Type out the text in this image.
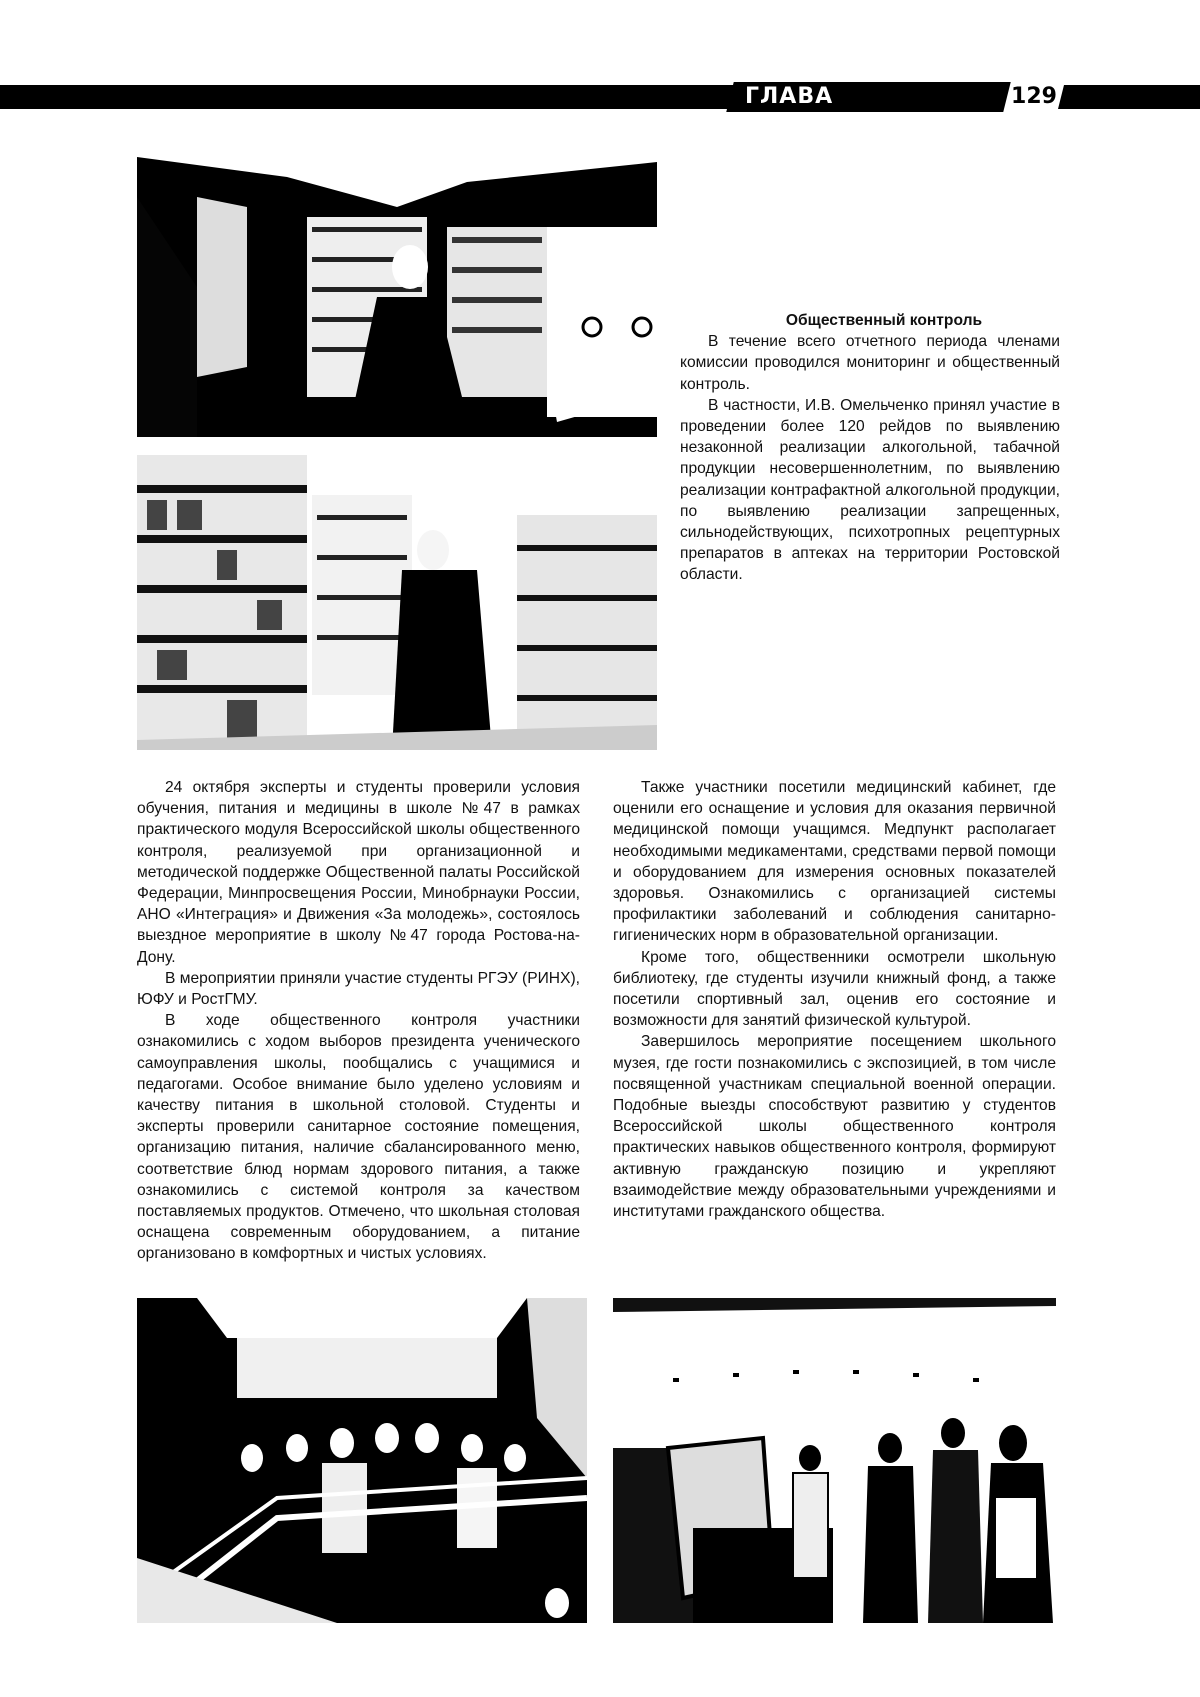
ГЛАВА 7.2
129

Общественный контроль

В течение всего отчетного периода членами комиссии проводился мониторинг и общественный контроль.

В частности, И.В. Омельченко принял участие в проведении более 120 рейдов по выявлению незаконной реализации алкогольной, табачной продукции несовершеннолетним, по выявлению реализации контрафактной алкогольной продукции, по выявлению реализации запрещенных, сильнодействующих, психотропных рецептурных препаратов в аптеках на территории Ростовской области.

24 октября эксперты и студенты проверили условия обучения, питания и медицины в школе №47 в рамках практического модуля Всероссийской школы общественного контроля, реализуемой при организационной и методической поддержке Общественной палаты Российской Федерации, Минпросвещения России, Минобрнауки России, АНО «Интеграция» и Движения «За молодежь», состоялось выездное мероприятие в школу №47 города Ростова-на-Дону.

В мероприятии приняли участие студенты РГЭУ (РИНХ), ЮФУ и РостГМУ.

В ходе общественного контроля участники ознакомились с ходом выборов президента ученического самоуправления школы, пообщались с учащимися и педагогами. Особое внимание было уделено условиям и качеству питания в школьной столовой. Студенты и эксперты проверили санитарное состояние помещения, организацию питания, наличие сбалансированного меню, соответствие блюд нормам здорового питания, а также ознакомились с системой контроля за качеством поставляемых продуктов. Отмечено, что школьная столовая оснащена современным оборудованием, а питание организовано в комфортных и чистых условиях.

Также участники посетили медицинский кабинет, где оценили его оснащение и условия для оказания первичной медицинской помощи учащимся. Медпункт располагает необходимыми медикаментами, средствами первой помощи и оборудованием для измерения основных показателей здоровья. Ознакомились с организацией системы профилактики заболеваний и соблюдения санитарно-гигиенических норм в образовательной организации.

Кроме того, общественники осмотрели школьную библиотеку, где студенты изучили книжный фонд, а также посетили спортивный зал, оценив его состояние и возможности для занятий физической культурой.

Завершилось мероприятие посещением школьного музея, где гости познакомились с экспозицией, в том числе посвященной участникам специальной военной операции. Подобные выезды способствуют развитию у студентов Всероссийской школы общественного контроля практических навыков общественного контроля, формируют активную гражданскую позицию и укрепляют взаимодействие между образовательными учреждениями и институтами гражданского общества.
